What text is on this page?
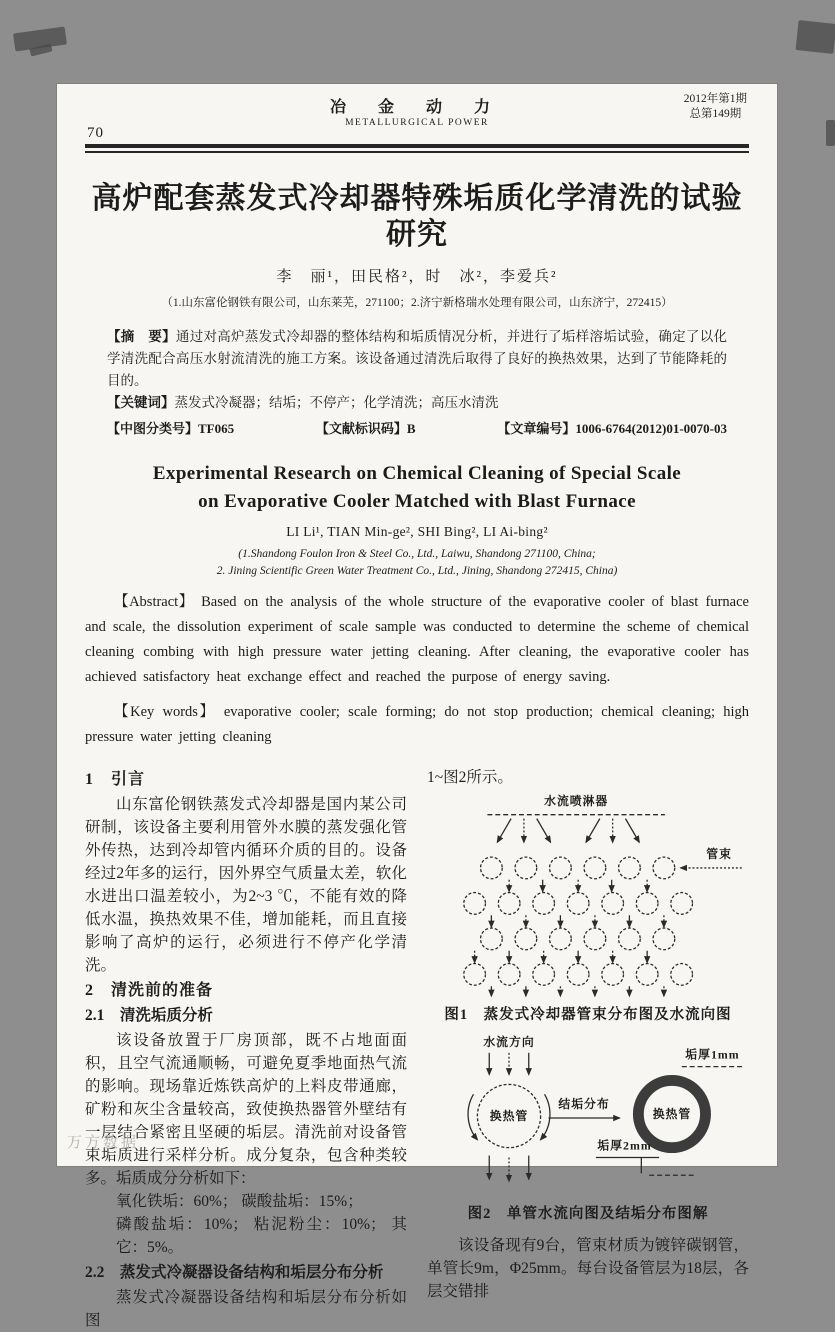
70
冶 金 动 力
METALLURGICAL POWER
2012年第1期
总第149期
高炉配套蒸发式冷却器特殊垢质化学清洗的试验研究
李　丽¹，田民格²，时　冰²，李爱兵²
（1.山东富伦钢铁有限公司，山东莱芜，271100；2.济宁新格瑞水处理有限公司，山东济宁，272415）

【摘　要】通过对高炉蒸发式冷却器的整体结构和垢质情况分析，并进行了垢样溶垢试验，确定了以化学清洗配合高压水射流清洗的施工方案。该设备通过清洗后取得了良好的换热效果，达到了节能降耗的目的。

【关键词】蒸发式冷凝器；结垢；不停产；化学清洗；高压水清洗

【中图分类号】TF065	【文献标识码】B	【文章编号】1006-6764(2012)01-0070-03

Experimental Research on Chemical Cleaning of Special Scale
on Evaporative Cooler Matched with Blast Furnace
LI Li¹, TIAN Min-ge², SHI Bing², LI Ai-bing²
(1.Shandong Foulon Iron & Steel Co., Ltd., Laiwu, Shandong 271100, China;
2. Jining Scientific Green Water Treatment Co., Ltd., Jining, Shandong 272415, China)

【Abstract】 Based on the analysis of the whole structure of the evaporative cooler of blast furnace and scale, the dissolution experiment of scale sample was conducted to determine the scheme of chemical cleaning combing with high pressure water jetting cleaning. After cleaning, the evaporative cooler has achieved satisfactory heat exchange effect and reached the purpose of energy saving.

【Key words】 evaporative cooler; scale forming; do not stop production; chemical cleaning; high pressure water jetting cleaning

1　引言

山东富伦钢铁蒸发式冷却器是国内某公司研制，该设备主要利用管外水膜的蒸发强化管外传热，达到冷却管内循环介质的目的。设备经过2年多的运行，因外界空气质量太差，软化水进出口温差较小，为2~3 ℃，不能有效的降低水温，换热效果不佳，增加能耗，而且直接影响了高炉的运行，必须进行不停产化学清洗。

2　清洗前的准备
2.1　清洗垢质分析

该设备放置于厂房顶部，既不占地面面积，且空气流通顺畅，可避免夏季地面热气流的影响。现场靠近炼铁高炉的上料皮带通廊，矿粉和灰尘含量较高，致使换热器管外壁结有一层结合紧密且坚硬的垢层。清洗前对设备管束垢质进行采样分析。成分复杂，包含种类较多。垢质成分分析如下：

氧化铁垢：60%； 碳酸盐垢：15%；

磷酸盐垢：10%； 粘泥粉尘：10%； 其它：5%。

2.2　蒸发式冷凝器设备结构和垢层分布分析

蒸发式冷凝器设备结构和垢层分布分析如图

1~图2所示。

水流喷淋器
管束
图1　蒸发式冷却器管束分布图及水流向图
水流方向
换热管
结垢分布
换热管
垢厚1mm
垢厚2mm
图2　单管水流向图及结垢分布图解

该设备现有9台，管束材质为镀锌碳钢管，单管长9m，Φ25mm。每台设备管层为18层，各层交错排

万方数据
